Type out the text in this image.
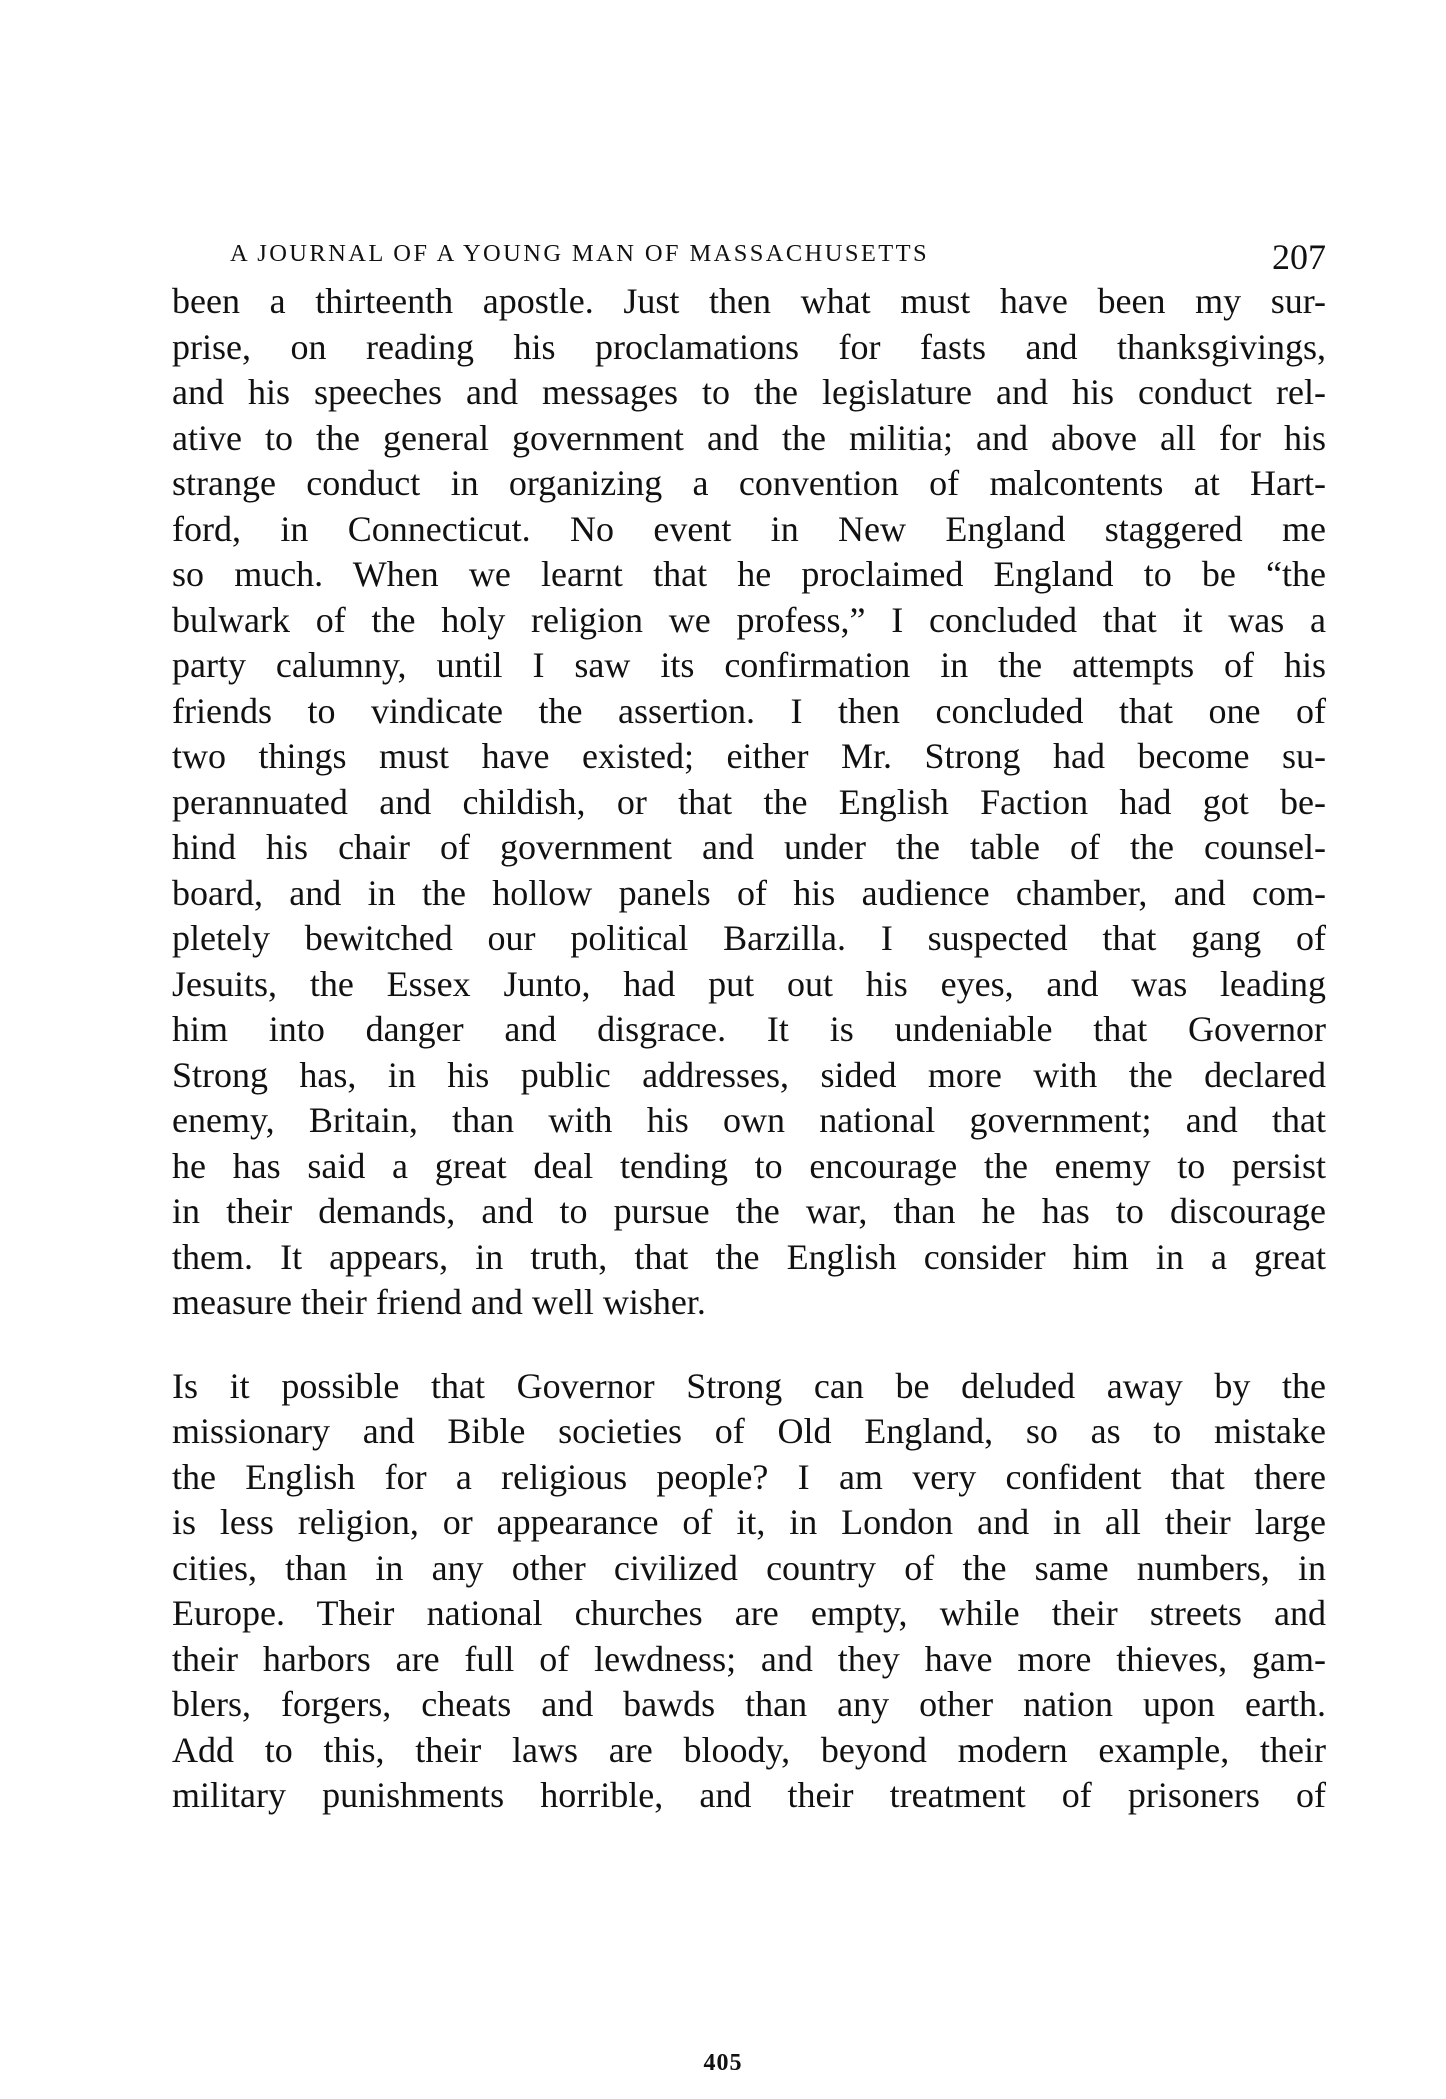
A JOURNAL OF A YOUNG MAN OF MASSACHUSETTS	207
been a thirteenth apostle. Just then what must have been my sur-
prise, on reading his proclamations for fasts and thanksgivings,
and his speeches and messages to the legislature and his conduct rel-
ative to the general government and the militia; and above all for his
strange conduct in organizing a convention of malcontents at Hart-
ford, in Connecticut. No event in New England staggered me
so much. When we learnt that he proclaimed England to be “the
bulwark of the holy religion we profess,” I concluded that it was a
party calumny, until I saw its confirmation in the attempts of his
friends to vindicate the assertion. I then concluded that one of
two things must have existed; either Mr. Strong had become su-
perannuated and childish, or that the English Faction had got be-
hind his chair of government and under the table of the counsel-
board, and in the hollow panels of his audience chamber, and com-
pletely bewitched our political Barzilla. I suspected that gang of
Jesuits, the Essex Junto, had put out his eyes, and was leading
him into danger and disgrace. It is undeniable that Governor
Strong has, in his public addresses, sided more with the declared
enemy, Britain, than with his own national government; and that
he has said a great deal tending to encourage the enemy to persist
in their demands, and to pursue the war, than he has to discourage
them. It appears, in truth, that the English consider him in a great
measure their friend and well wisher.
Is it possible that Governor Strong can be deluded away by the
missionary and Bible societies of Old England, so as to mistake
the English for a religious people? I am very confident that there
is less religion, or appearance of it, in London and in all their large
cities, than in any other civilized country of the same numbers, in
Europe. Their national churches are empty, while their streets and
their harbors are full of lewdness; and they have more thieves, gam-
blers, forgers, cheats and bawds than any other nation upon earth.
Add to this, their laws are bloody, beyond modern example, their
military punishments horrible, and their treatment of prisoners of
405
